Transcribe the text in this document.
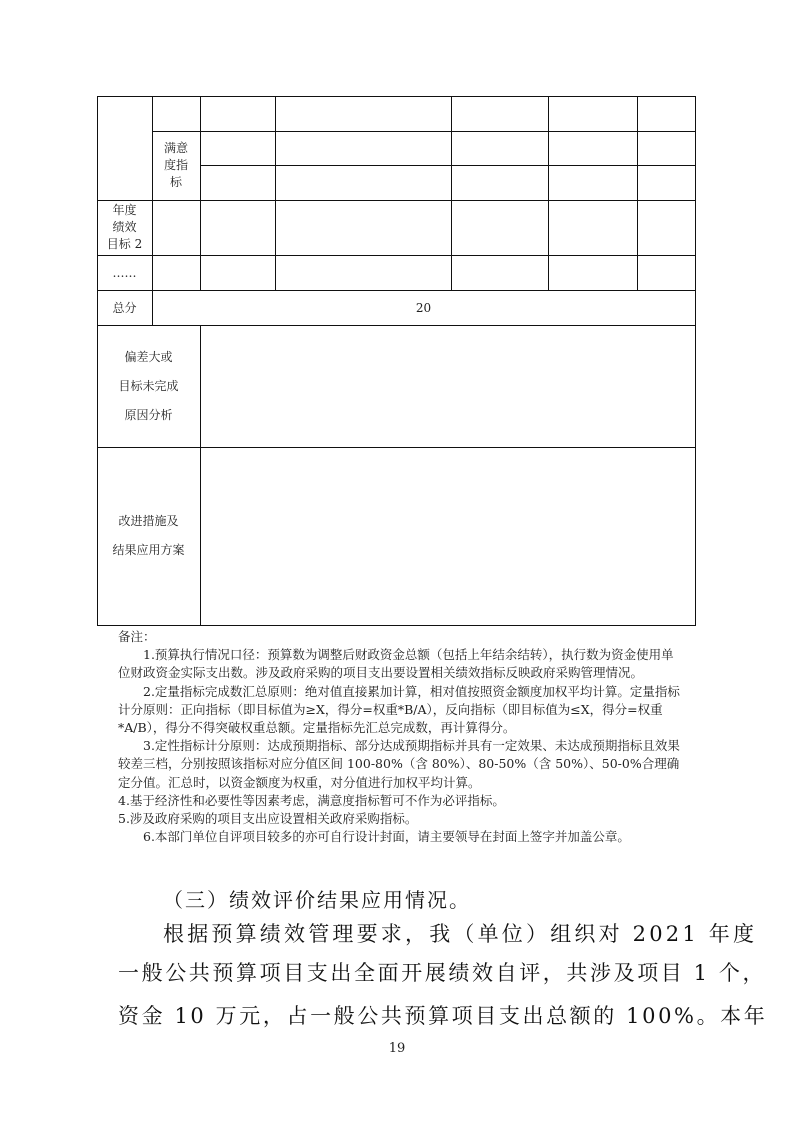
满意
度指
标
年度
绩效
目标 2
……
总分	20
偏差大或
目标未完成
原因分析
改进措施及
结果应用方案

备注：

1.预算执行情况口径：预算数为调整后财政资金总额（包括上年结余结转），执行数为资金使用单位财政资金实际支出数。涉及政府采购的项目支出要设置相关绩效指标反映政府采购管理情况。

2.定量指标完成数汇总原则：绝对值直接累加计算，相对值按照资金额度加权平均计算。定量指标计分原则：正向指标（即目标值为≥X，得分=权重*B/A），反向指标（即目标值为≤X，得分=权重*A/B），得分不得突破权重总额。定量指标先汇总完成数，再计算得分。

3.定性指标计分原则：达成预期指标、部分达成预期指标并具有一定效果、未达成预期指标且效果较差三档，分别按照该指标对应分值区间 100-80%（含 80%）、80-50%（含 50%）、50-0%合理确定分值。汇总时，以资金额度为权重，对分值进行加权平均计算。

4.基于经济性和必要性等因素考虑，满意度指标暂可不作为必评指标。

5.涉及政府采购的项目支出应设置相关政府采购指标。

6.本部门单位自评项目较多的亦可自行设计封面，请主要领导在封面上签字并加盖公章。

（三）绩效评价结果应用情况。
根据预算绩效管理要求，我（单位）组织对 2021 年度
一般公共预算项目支出全面开展绩效自评，共涉及项目 1 个，
资金 10 万元，占一般公共预算项目支出总额的 100%。本年
19
